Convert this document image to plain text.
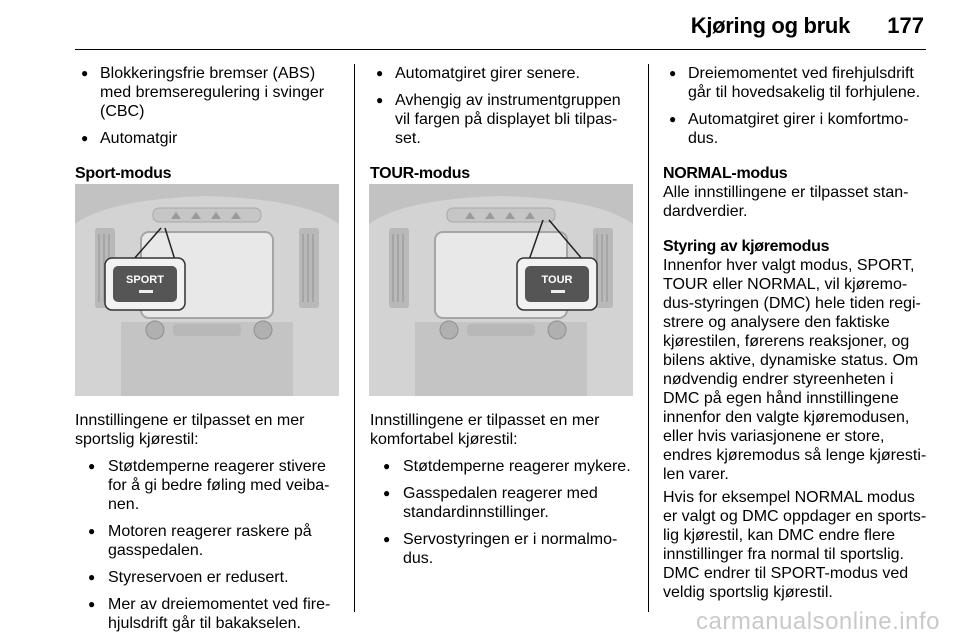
Kjøring og bruk 177
● Blokkeringsfrie bremser (ABS) med bremseregulering i svinger (CBC)
● Automatgir
Sport-modus
SPORT
Innstillingene er tilpasset en mer sportslig kjørestil:
● Støtdemperne reagerer stivere for å gi bedre føling med veibanen.
● Motoren reagerer raskere på gasspedalen.
● Styreservoen er redusert.
● Mer av dreiemomentet ved firehjulsdrift går til bakakselen.
● Automatgiret girer senere.
● Avhengig av instrumentgruppen vil fargen på displayet bli tilpasset.
TOUR-modus
TOUR
Innstillingene er tilpasset en mer komfortabel kjørestil:
● Støtdemperne reagerer mykere.
● Gasspedalen reagerer med standardinnstillinger.
● Servostyringen er i normalmodus.
● Dreiemomentet ved firehjulsdrift går til hovedsakelig til forhjulene.
● Automatgiret girer i komfortmodus.
NORMAL-modus
Alle innstillingene er tilpasset standardverdier.
Styring av kjøremodus
Innenfor hver valgt modus, SPORT, TOUR eller NORMAL, vil kjøremodus-styringen (DMC) hele tiden registrere og analysere den faktiske kjørestilen, førerens reaksjoner, og bilens aktive, dynamiske status. Om nødvendig endrer styreenheten i DMC på egen hånd innstillingene innenfor den valgte kjøremodusen, eller hvis variasjonene er store, endres kjøremodus så lenge kjørestilen varer.
Hvis for eksempel NORMAL modus er valgt og DMC oppdager en sportslig kjørestil, kan DMC endre flere innstillinger fra normal til sportslig. DMC endrer til SPORT-modus ved veldig sportslig kjørestil.
carmanualsonline.info
